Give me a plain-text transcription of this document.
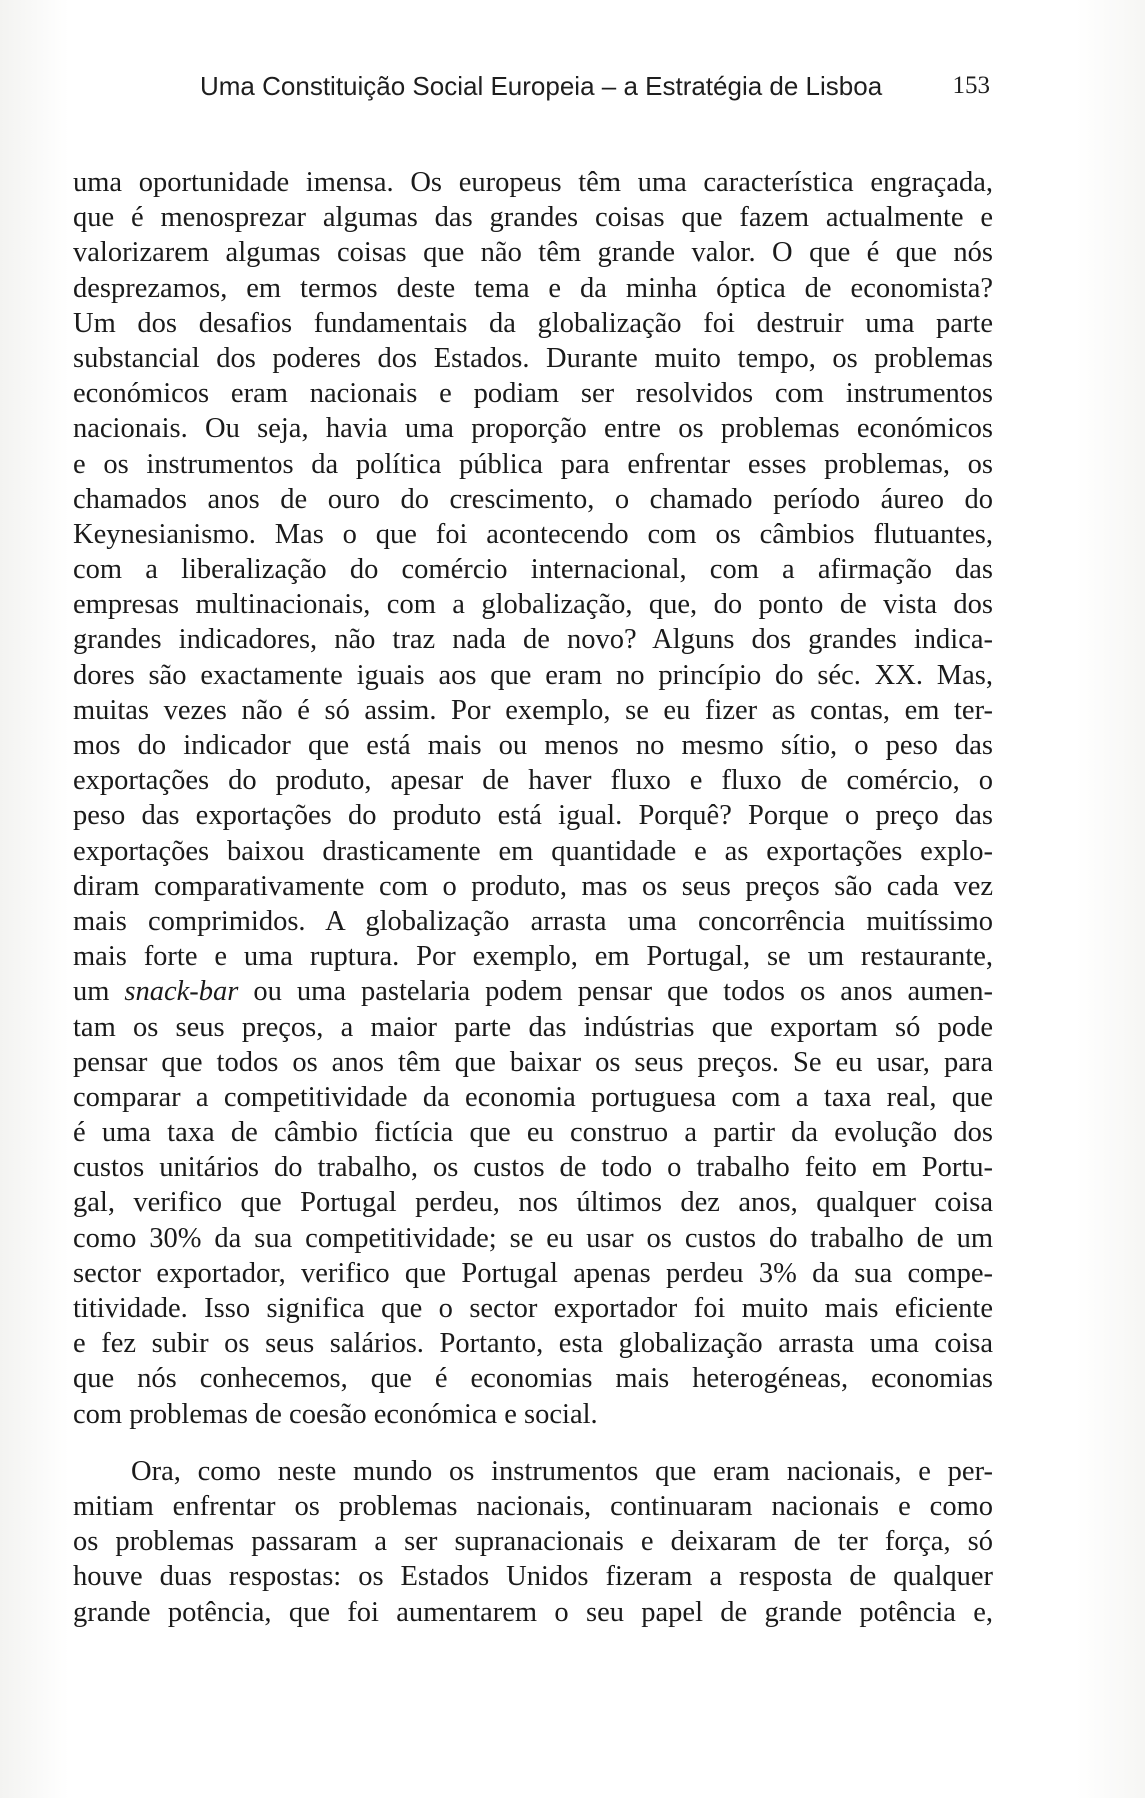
Uma Constituição Social Europeia – a Estratégia de Lisboa	153
uma oportunidade imensa. Os europeus têm uma característica engraçada,
que é menosprezar algumas das grandes coisas que fazem actualmente e
valorizarem algumas coisas que não têm grande valor. O que é que nós
desprezamos, em termos deste tema e da minha óptica de economista?
Um dos desafios fundamentais da globalização foi destruir uma parte
substancial dos poderes dos Estados. Durante muito tempo, os problemas
económicos eram nacionais e podiam ser resolvidos com instrumentos
nacionais. Ou seja, havia uma proporção entre os problemas económicos
e os instrumentos da política pública para enfrentar esses problemas, os
chamados anos de ouro do crescimento, o chamado período áureo do
Keynesianismo. Mas o que foi acontecendo com os câmbios flutuantes,
com a liberalização do comércio internacional, com a afirmação das
empresas multinacionais, com a globalização, que, do ponto de vista dos
grandes indicadores, não traz nada de novo? Alguns dos grandes indica-
dores são exactamente iguais aos que eram no princípio do séc. XX. Mas,
muitas vezes não é só assim. Por exemplo, se eu fizer as contas, em ter-
mos do indicador que está mais ou menos no mesmo sítio, o peso das
exportações do produto, apesar de haver fluxo e fluxo de comércio, o
peso das exportações do produto está igual. Porquê? Porque o preço das
exportações baixou drasticamente em quantidade e as exportações explo-
diram comparativamente com o produto, mas os seus preços são cada vez
mais comprimidos. A globalização arrasta uma concorrência muitíssimo
mais forte e uma ruptura. Por exemplo, em Portugal, se um restaurante,
um snack-bar ou uma pastelaria podem pensar que todos os anos aumen-
tam os seus preços, a maior parte das indústrias que exportam só pode
pensar que todos os anos têm que baixar os seus preços. Se eu usar, para
comparar a competitividade da economia portuguesa com a taxa real, que
é uma taxa de câmbio fictícia que eu construo a partir da evolução dos
custos unitários do trabalho, os custos de todo o trabalho feito em Portu-
gal, verifico que Portugal perdeu, nos últimos dez anos, qualquer coisa
como 30% da sua competitividade; se eu usar os custos do trabalho de um
sector exportador, verifico que Portugal apenas perdeu 3% da sua compe-
titividade. Isso significa que o sector exportador foi muito mais eficiente
e fez subir os seus salários. Portanto, esta globalização arrasta uma coisa
que nós conhecemos, que é economias mais heterogéneas, economias
com problemas de coesão económica e social.
Ora, como neste mundo os instrumentos que eram nacionais, e per-
mitiam enfrentar os problemas nacionais, continuaram nacionais e como
os problemas passaram a ser supranacionais e deixaram de ter força, só
houve duas respostas: os Estados Unidos fizeram a resposta de qualquer
grande potência, que foi aumentarem o seu papel de grande potência e,
